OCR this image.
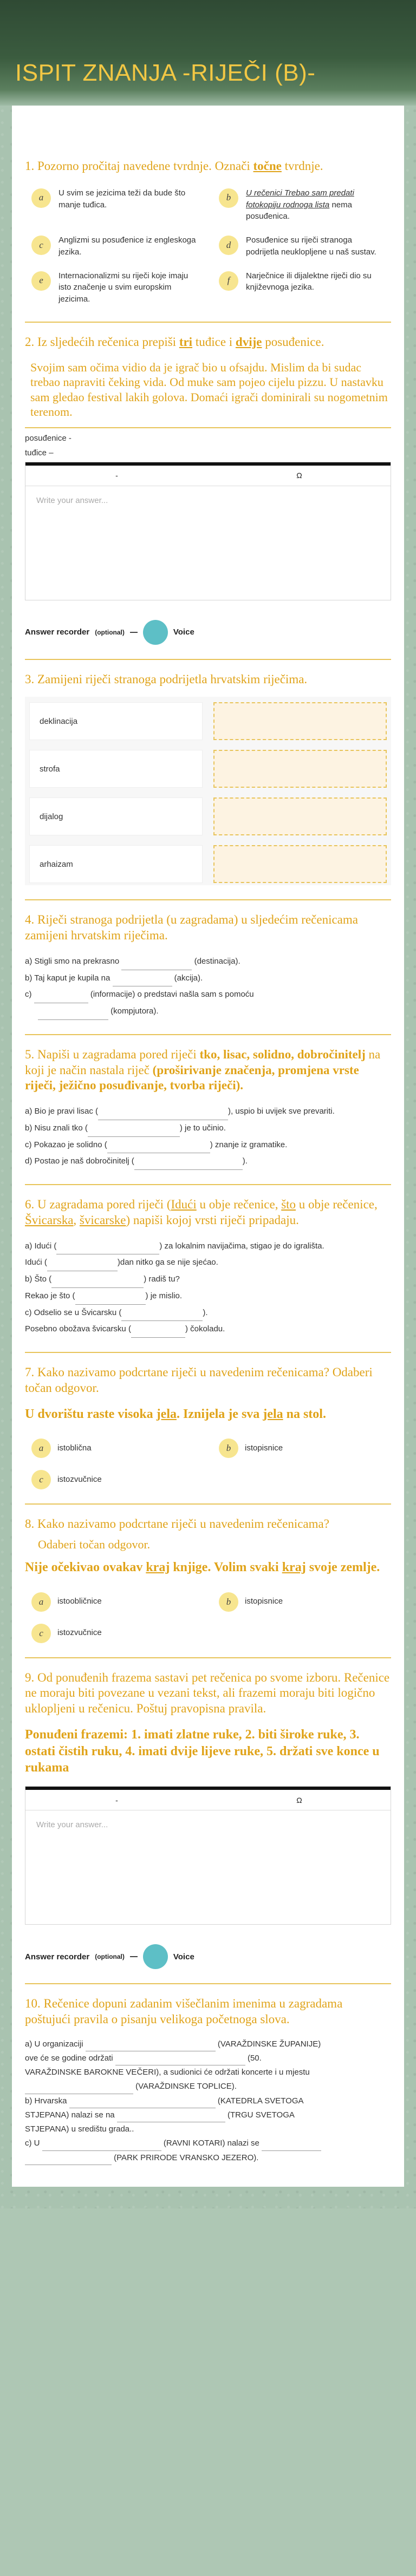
ISPIT ZNANJA -RIJEČI (B)-
1. Pozorno pročitaj navedene tvrdnje. Označi točne tvrdnje.
a	U svim se jezicima teži da bude što manje tuđica.
b	U rečenici Trebao sam predati fotokopiju rodnoga lista nema posuđenica.
c	Anglizmi su posuđenice iz engleskoga jezika.
d	Posuđenice su riječi stranoga podrijetla neuklopljene u naš sustav.
e	Internacionalizmi su riječi koje imaju isto značenje u svim europskim jezicima.
f	Narječnice ili dijalektne riječi dio su književnoga jezika.
2. Iz sljedećih rečenica prepiši tri tuđice i dvije posuđenice.

Svojim sam očima vidio da je igrač bio u ofsajdu. Mislim da bi sudac trebao napraviti čeking vida. Od muke sam pojeo cijelu pizzu. U nastavku sam gledao festival lakih golova. Domaći igrači dominirali su nogometnim terenom.

posuđenice -
tuđice –
-	Ω
Write your answer...
Answer recorder (optional)	Voice
3. Zamijeni riječi stranoga podrijetla hrvatskim riječima.
deklinacija
strofa
dijalog
arhaizam
4. Riječi stranoga podrijetla (u zagradama) u sljedećim rečenicama zamijeni hrvatskim riječima.
a) Stigli smo na prekrasno	(destinacija).
b) Taj kaput je kupila na	(akcija).
c)	(informacije) o predstavi našla sam s pomoću
(kompjutora).
5. Napiši u zagradama pored riječi tko, lisac, solidno, dobročinitelj na koji je način nastala riječ (proširivanje značenja, promjena vrste riječi, ježično posuđivanje, tvorba riječi).
a) Bio je pravi lisac (	), uspio bi uvijek sve prevariti.
b) Nisu znali tko (	) je to učinio.
c) Pokazao je solidno (	) znanje iz gramatike.
d) Postao je naš dobročinitelj (	).
6. U zagradama pored riječi (Idući u obje rečenice, što u obje rečenice, Švicarska, švicarske) napiši kojoj vrsti riječi pripadaju.
a) Idući (	) za lokalnim navijačima, stigao je do igrališta.
Idući (	)dan nitko ga se nije sjećao.
b) Što (	) radiš tu?
Rekao je što (	) je mislio.
c) Odselio se u Švicarsku (	).
Posebno obožava švicarsku (	) čokoladu.
7. Kako nazivamo podcrtane riječi u navedenim rečenicama? Odaberi točan odgovor.
U dvorištu raste visoka jela. Iznijela je sva jela na stol.
a	istoblična	b	istopisnice
c	istozvučnice
8. Kako nazivamo podcrtane riječi u navedenim rečenicama?
Odaberi točan odgovor.
Nije očekivao ovakav kraj knjige. Volim svaki kraj svoje zemlje.
a	istoobličnice	b	istopisnice
c	istozvučnice
9. Od ponuđenih frazema sastavi pet rečenica po svome izboru. Rečenice ne moraju biti povezane u vezani tekst, ali frazemi moraju biti logično uklopljeni u rečenicu. Poštuj pravopisna pravila.
Ponuđeni frazemi: 1. imati zlatne ruke, 2. biti široke ruke, 3. ostati čistih ruku, 4. imati dvije lijeve ruke, 5. držati sve konce u rukama
-	Ω
Write your answer...
Answer recorder (optional)	Voice
10. Rečenice dopuni zadanim višečlanim imenima u zagradama poštujući pravila o pisanju velikoga početnoga slova.
a) U organizaciji	(VARAŽDINSKE ŽUPANIJE)
ove će se godine održati	(50.
VARAŽDINSKE BAROKNE VEČERI), a sudionici će održati koncerte i u mjestu
(VARAŽDINSKE TOPLICE).
b) Hrvarska	(KATEDRLA SVETOGA
STJEPANA) nalazi se na	(TRGU SVETOGA
STJEPANA) u središtu grada..
c) U	(RAVNI KOTARI) nalazi se
(PARK PRIRODE VRANSKO JEZERO).
